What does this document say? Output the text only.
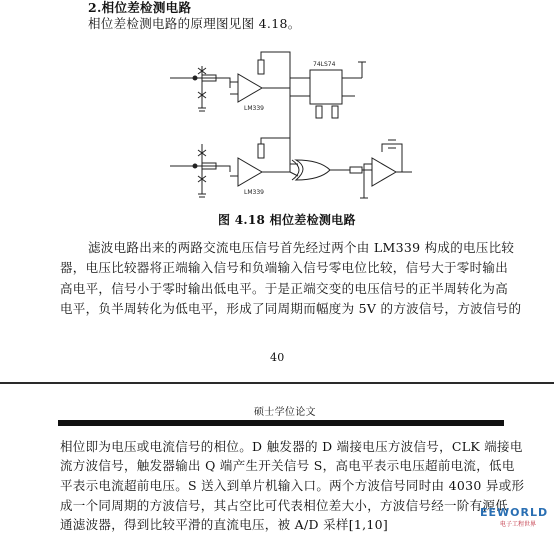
2.相位差检测电路
相位差检测电路的原理图见图 4.18。
LM339
74LS74
LM339
图 4.18 相位差检测电路
滤波电路出来的两路交流电压信号首先经过两个由 LM339 构成的电压比较
器，电压比较器将正端输入信号和负端输入信号零电位比较，信号大于零时输出
高电平，信号小于零时输出低电平。于是正端交变的电压信号的正半周转化为高
电平，负半周转化为低电平，形成了同周期而幅度为 5V 的方波信号，方波信号的
40
硕士学位论文
相位即为电压或电流信号的相位。D 触发器的 D 端接电压方波信号，CLK 端接电
流方波信号，触发器输出 Q 端产生开关信号 S，高电平表示电压超前电流，低电
平表示电流超前电压。S 送入到单片机输入口。两个方波信号同时由 4030 异或形
成一个同周期的方波信号，其占空比可代表相位差大小，方波信号经一阶有源低
通滤波器，得到比较平滑的直流电压，被 A/D 采样[1,10]
EEWORLD
电子工程世界
